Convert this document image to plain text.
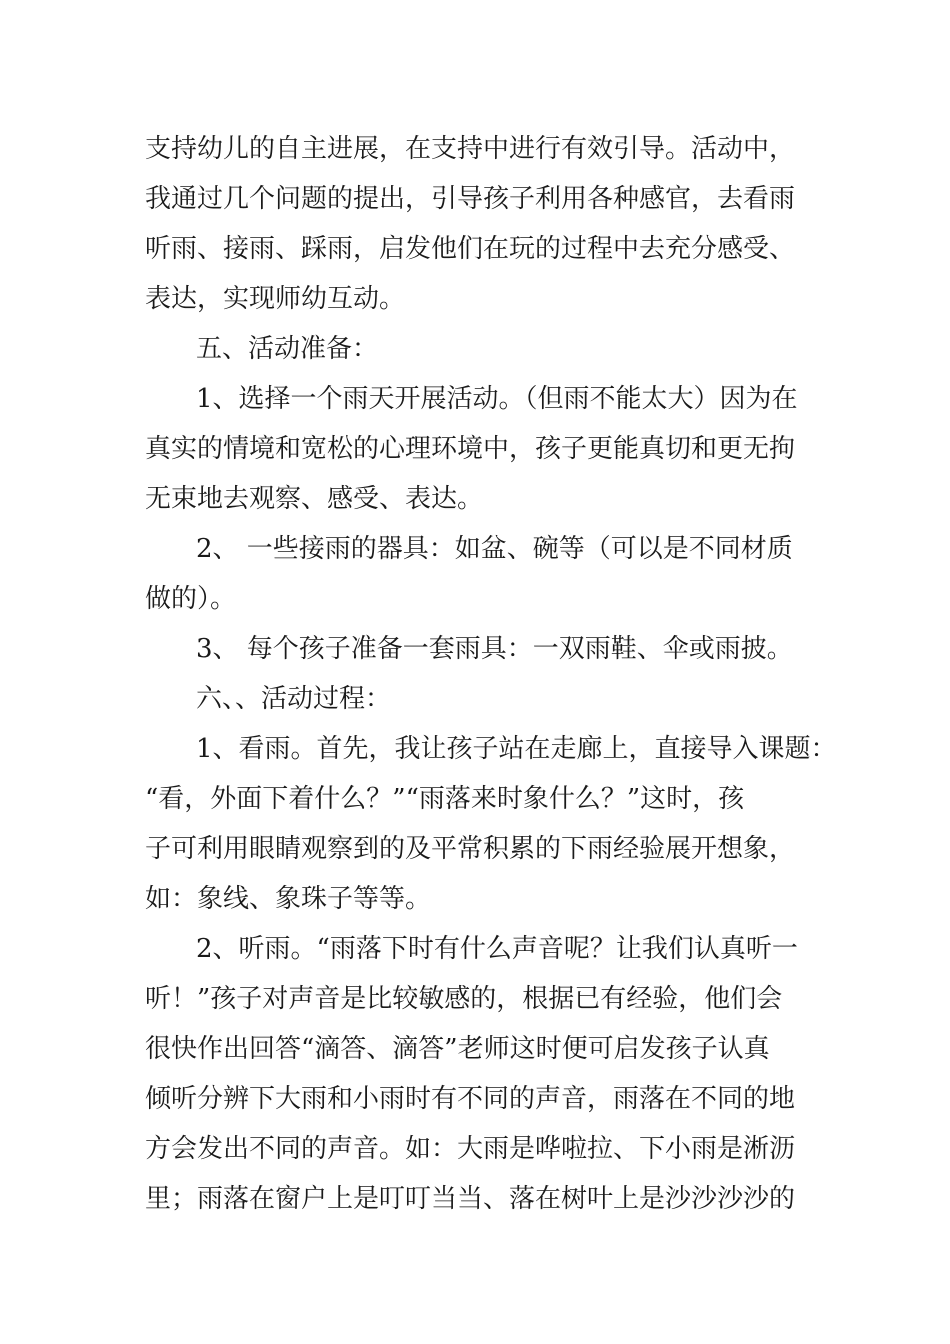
支持幼儿的自主进展，在支持中进行有效引导。活动中，
我通过几个问题的提出，引导孩子利用各种感官，去看雨
听雨、接雨、踩雨，启发他们在玩的过程中去充分感受、
表达，实现师幼互动。
五、活动准备：
1、选择一个雨天开展活动。（但雨不能太大）因为在
真实的情境和宽松的心理环境中，孩子更能真切和更无拘
无束地去观察、感受、表达。
2、 一些接雨的器具：如盆、碗等（可以是不同材质
做的）。
3、 每个孩子准备一套雨具：一双雨鞋、伞或雨披。
六、、活动过程：
1、看雨。首先，我让孩子站在走廊上，直接导入课题：
“看，外面下着什么？”“雨落来时象什么？”这时，孩
子可利用眼睛观察到的及平常积累的下雨经验展开想象，
如：象线、象珠子等等。
2、听雨。“雨落下时有什么声音呢？让我们认真听一
听！”孩子对声音是比较敏感的，根据已有经验，他们会
很快作出回答“滴答、滴答”老师这时便可启发孩子认真
倾听分辨下大雨和小雨时有不同的声音，雨落在不同的地
方会发出不同的声音。如：大雨是哗啦拉、下小雨是淅沥
里；雨落在窗户上是叮叮当当、落在树叶上是沙沙沙沙的
